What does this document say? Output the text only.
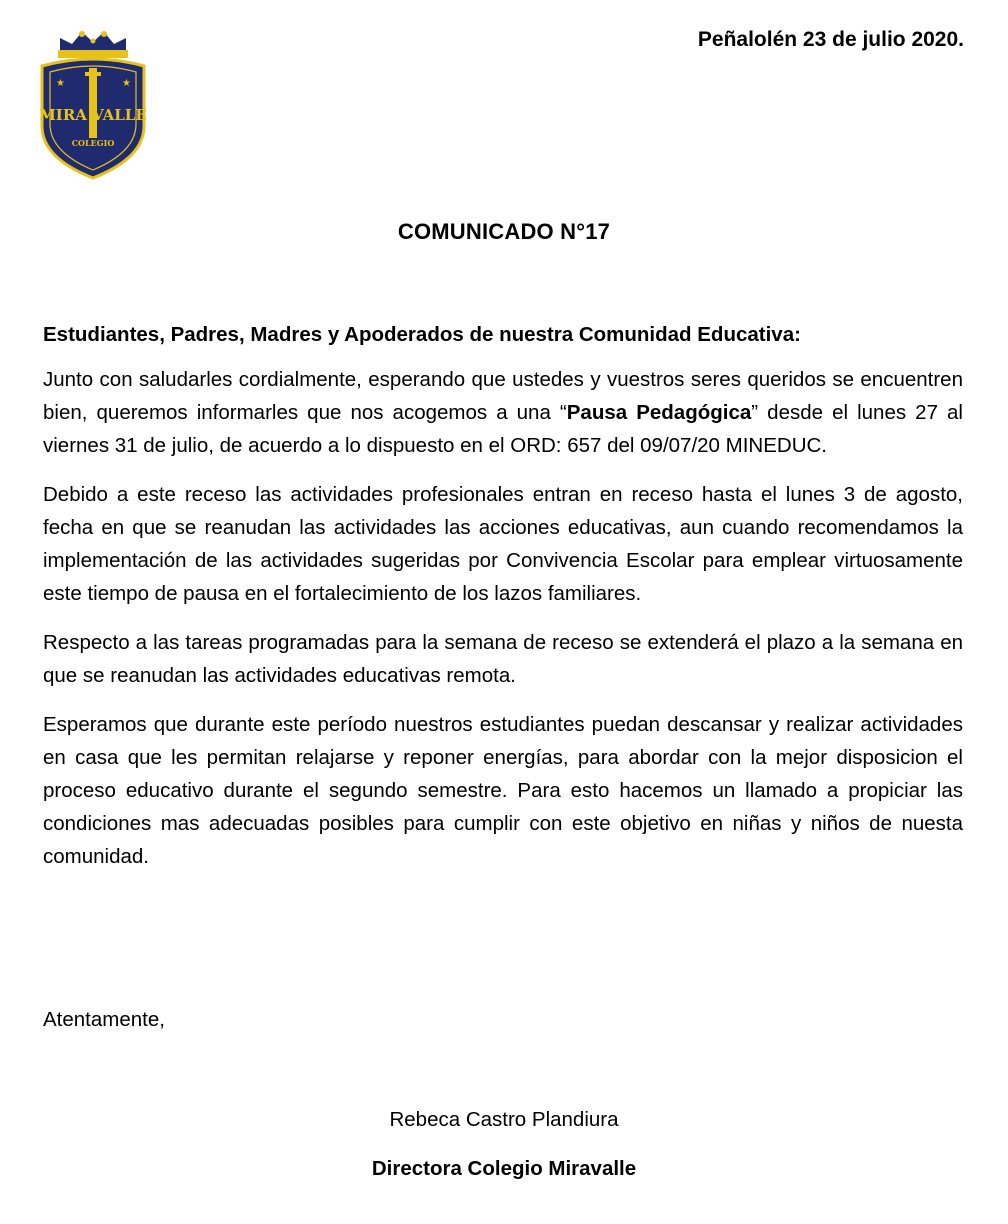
★
★
MIRA VALLE
COLEGIO
Peñalolén 23 de julio 2020.
COMUNICADO N°17

Estudiantes, Padres, Madres y Apoderados de nuestra Comunidad Educativa:

Junto con saludarles cordialmente, esperando que ustedes y vuestros seres queridos se encuentren bien, queremos informarles que nos acogemos a una “Pausa Pedagógica” desde el lunes 27 al viernes 31 de julio, de acuerdo a lo dispuesto en el ORD: 657 del 09/07/20 MINEDUC.

Debido a este receso las actividades profesionales entran en receso hasta el lunes 3 de agosto, fecha en que se reanudan las actividades las acciones educativas, aun cuando recomendamos la implementación de las actividades sugeridas por Convivencia Escolar para emplear virtuosamente este tiempo de pausa en el fortalecimiento de los lazos familiares.

Respecto a las tareas programadas para la semana de receso se extenderá el plazo a la semana en que se reanudan las actividades educativas remota.

Esperamos que durante este período nuestros estudiantes puedan descansar y realizar actividades en casa que les permitan relajarse y reponer energías, para abordar con la mejor disposicion el proceso educativo durante el segundo semestre. Para esto hacemos un llamado a propiciar las condiciones mas adecuadas posibles para cumplir con este objetivo en niñas y niños de nuesta comunidad.

Atentamente,
Rebeca Castro Plandiura
Directora Colegio Miravalle
